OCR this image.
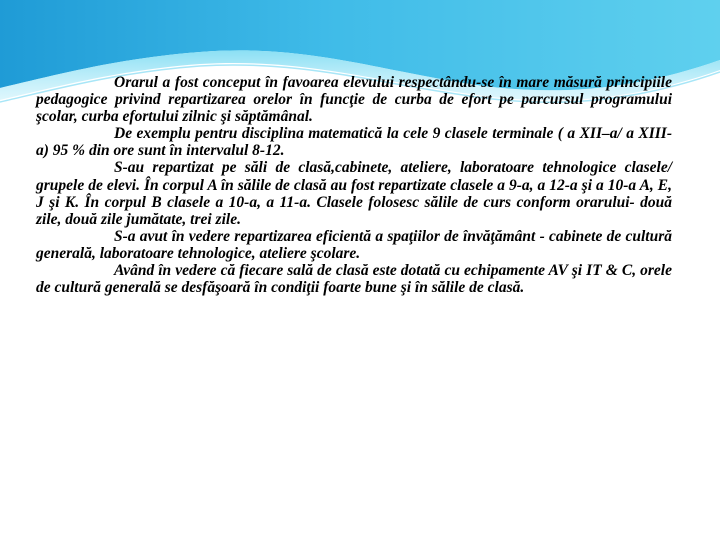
Orarul a fost conceput în favoarea elevului respectându-se în mare măsură principiile pedagogice privind repartizarea orelor în funcţie de curba de efort pe parcursul programului şcolar, curba efortului zilnic şi săptămânal.

De exemplu pentru disciplina matematică la cele 9 clasele terminale ( a XII–a/ a XIII-a) 95 % din ore sunt în intervalul 8-12.

S-au repartizat pe săli de clasă,cabinete, ateliere, laboratoare tehnologice clasele/ grupele de elevi. În corpul A în sălile de clasă au fost repartizate clasele a 9-a, a 12-a şi a 10-a A, E, J şi K. În corpul B clasele a 10-a, a 11-a. Clasele folosesc sălile de curs conform orarului- două zile, două zile jumătate, trei zile.

S-a avut în vedere repartizarea eficientă a spaţiilor de învăţământ - cabinete de cultură generală, laboratoare tehnologice, ateliere şcolare.

Având în vedere că fiecare sală de clasă este dotată cu echipamente AV şi IT & C, orele de cultură generală se desfăşoară în condiţii foarte bune şi în sălile de clasă.
